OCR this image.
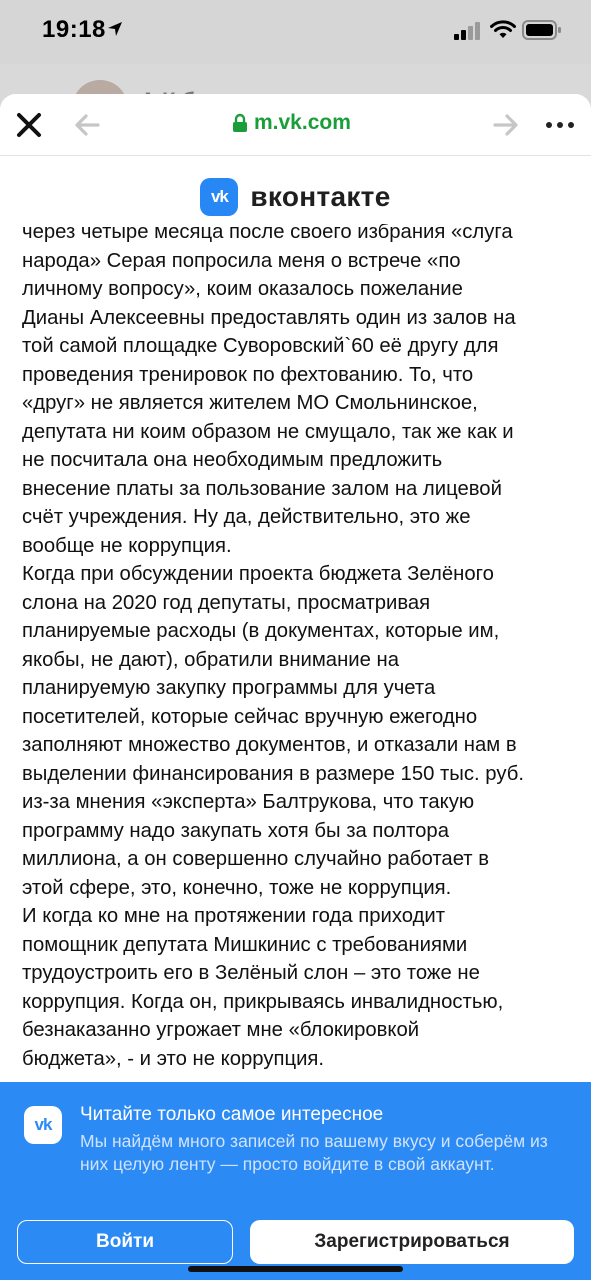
19:18
m.vk.com
vk вконтакте
через четыре месяца после своего избрания «слуга
народа» Серая попросила меня о встрече «по
личному вопросу», коим оказалось пожелание
Дианы Алексеевны предоставлять один из залов на
той самой площадке Суворовский`60 её другу для
проведения тренировок по фехтованию. То, что
«друг» не является жителем МО Смольнинское,
депутата ни коим образом не смущало, так же как и
не посчитала она необходимым предложить
внесение платы за пользование залом на лицевой
счёт учреждения. Ну да, действительно, это же
вообще не коррупция.
Когда при обсуждении проекта бюджета Зелёного
слона на 2020 год депутаты, просматривая
планируемые расходы (в документах, которые им,
якобы, не дают), обратили внимание на
планируемую закупку программы для учета
посетителей, которые сейчас вручную ежегодно
заполняют множество документов, и отказали нам в
выделении финансирования в размере 150 тыс. руб.
из-за мнения «эксперта» Балтрукова, что такую
программу надо закупать хотя бы за полтора
миллиона, а он совершенно случайно работает в
этой сфере, это, конечно, тоже не коррупция.
И когда ко мне на протяжении года приходит
помощник депутата Мишкинис с требованиями
трудоустроить его в Зелёный слон – это тоже не
коррупция. Когда он, прикрываясь инвалидностью,
безнаказанно угрожает мне «блокировкой
бюджета», - и это не коррупция.
vk	Читайте только самое интересное
Мы найдём много записей по вашему вкусу и соберём из них целую ленту — просто войдите в свой аккаунт.
Войти	Зарегистрироваться
